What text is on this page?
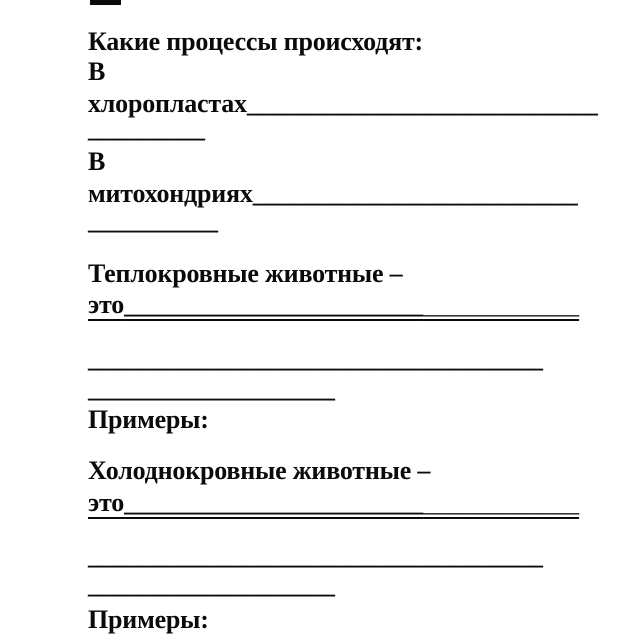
Какие процессы происходят:
В
хлоропластах___________________________
_________
В
митохондриях_________________________
__________
Теплокровные животные –
это___________________________________
___________________________________
___________________
Примеры:
Холоднокровные животные –
это___________________________________
___________________________________
___________________
Примеры:
